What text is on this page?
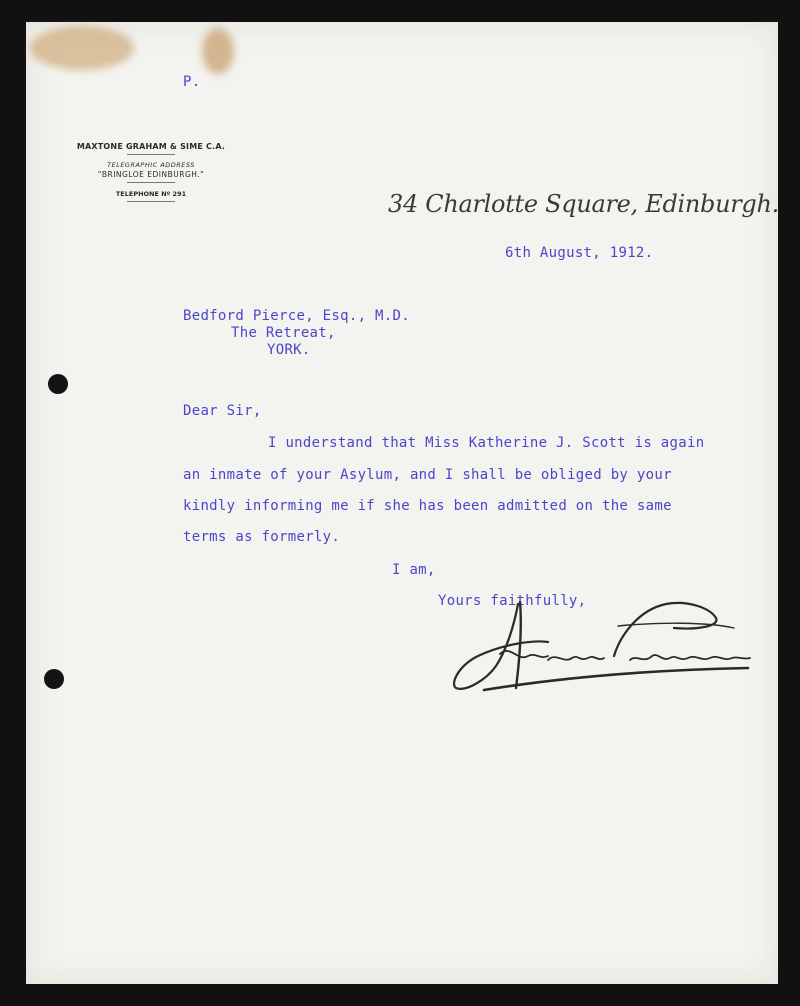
P.

MAXTONE GRAHAM & SIME C.A.
TELEGRAPHIC ADDRESS
"BRINGLOE EDINBURGH."
TELEPHONE Nº 291	34 Charlotte Square, Edinburgh.

6th August, 1912.

Bedford Pierce, Esq., M.D.

The Retreat,

YORK.

Dear Sir,

I understand that Miss Katherine J. Scott is again

an inmate of your Asylum, and I shall be obliged by your

kindly informing me if she has been admitted on the same

terms as formerly.

I am,

Yours faithfully,
